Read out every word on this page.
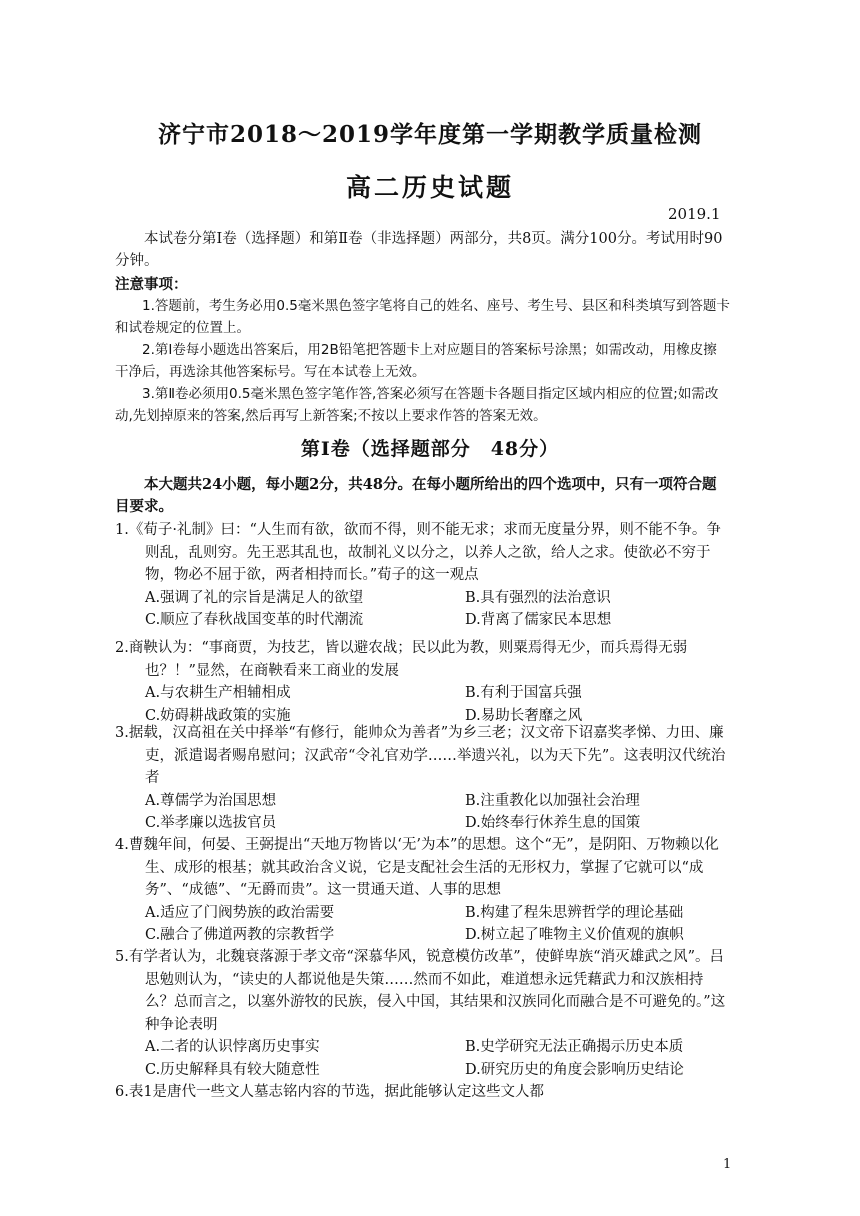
济宁市2018～2019学年度第一学期教学质量检测
高二历史试题
2019.1
本试卷分第Ⅰ卷（选择题）和第Ⅱ卷（非选择题）两部分，共8页。满分100分。考试用时90分钟。
注意事项：
1.答题前，考生务必用0.5毫米黑色签字笔将自己的姓名、座号、考生号、县区和科类填写到答题卡和试卷规定的位置上。
2.第Ⅰ卷每小题选出答案后，用2B铅笔把答题卡上对应题目的答案标号涂黑；如需改动，用橡皮擦干净后，再选涂其他答案标号。写在本试卷上无效。
3.第Ⅱ卷必须用0.5毫米黑色签字笔作答,答案必须写在答题卡各题目指定区域内相应的位置;如需改动,先划掉原来的答案,然后再写上新答案;不按以上要求作答的答案无效。
第Ⅰ卷（选择题部分　48分）
本大题共24小题，每小题2分，共48分。在每小题所给出的四个选项中，只有一项符合题目要求。
1.《荀子·礼制》曰：“人生而有欲，欲而不得，则不能无求；求而无度量分界，则不能不争。争则乱，乱则穷。先王恶其乱也，故制礼义以分之，以养人之欲，给人之求。使欲必不穷于物，物必不屈于欲，两者相持而长。”荀子的这一观点
A.强调了礼的宗旨是满足人的欲望	B.具有强烈的法治意识
C.顺应了春秋战国变革的时代潮流	D.背离了儒家民本思想
2.商鞅认为：“事商贾，为技艺，皆以避农战；民以此为教，则粟焉得无少，而兵焉得无弱也？！”显然，在商鞅看来工商业的发展
A.与农耕生产相辅相成	B.有利于国富兵强
C.妨碍耕战政策的实施	D.易助长奢靡之风
3.据载，汉高祖在关中择举“有修行，能帅众为善者”为乡三老；汉文帝下诏嘉奖孝悌、力田、廉吏，派遣谒者赐帛慰问；汉武帝“令礼官劝学……举遗兴礼，以为天下先”。这表明汉代统治者
A.尊儒学为治国思想	B.注重教化以加强社会治理
C.举孝廉以选拔官员	D.始终奉行休养生息的国策
4.曹魏年间，何晏、王弼提出“天地万物皆以‘无’为本”的思想。这个“无”，是阴阳、万物赖以化生、成形的根基；就其政治含义说，它是支配社会生活的无形权力，掌握了它就可以“成务”、“成德”、“无爵而贵”。这一贯通天道、人事的思想
A.适应了门阀势族的政治需要	B.构建了程朱思辨哲学的理论基础
C.融合了佛道两教的宗教哲学	D.树立起了唯物主义价值观的旗帜
5.有学者认为，北魏衰落源于孝文帝“深慕华风，锐意模仿改革”，使鲜卑族“消灭雄武之风”。吕思勉则认为，“读史的人都说他是失策……然而不如此，难道想永远凭藉武力和汉族相持么？总而言之，以塞外游牧的民族，侵入中国，其结果和汉族同化而融合是不可避免的。”这种争论表明
A.二者的认识悖离历史事实	B.史学研究无法正确揭示历史本质
C.历史解释具有较大随意性	D.研究历史的角度会影响历史结论
6.表1是唐代一些文人墓志铭内容的节选，据此能够认定这些文人都
1
